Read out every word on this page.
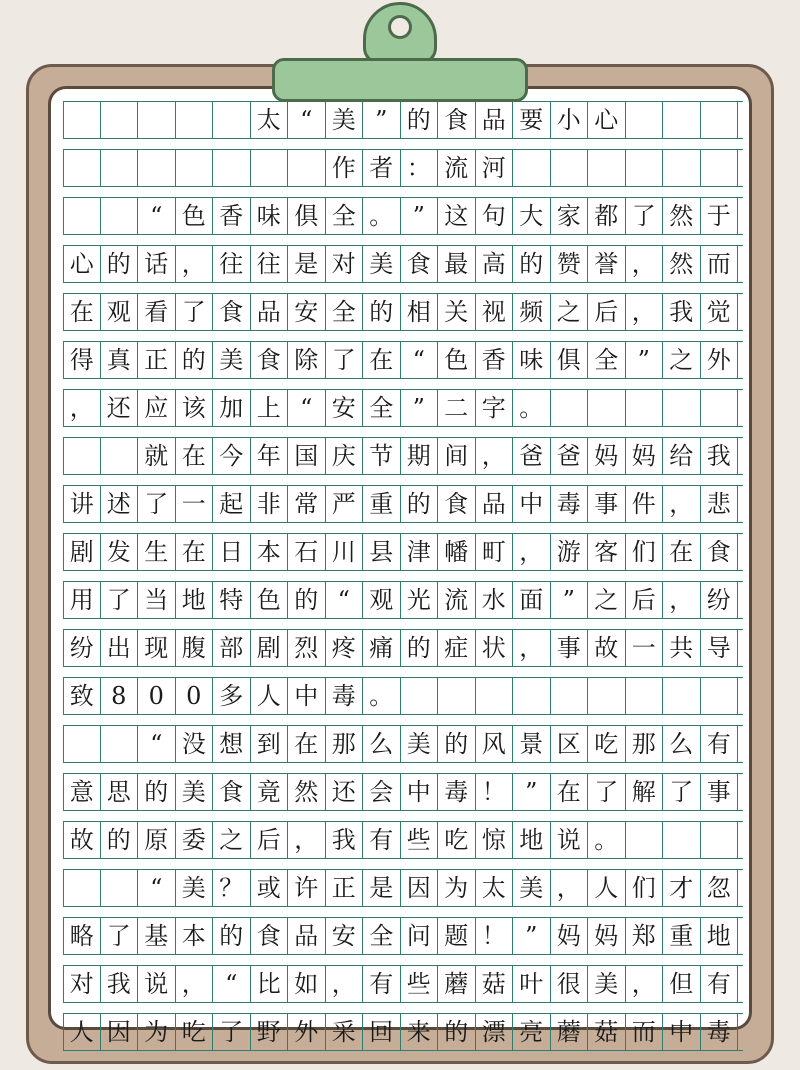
太 “ 美 ” 的 食 品 要 小 心
作 者 ： 流 河
“ 色 香 味 俱 全 。 ” 这 句 大 家 都 了 然 于
心 的 话 ， 往 往 是 对 美 食 最 高 的 赞 誉 ， 然 而
在 观 看 了 食 品 安 全 的 相 关 视 频 之 后 ， 我 觉
得 真 正 的 美 食 除 了 在 “ 色 香 味 俱 全 ” 之 外
， 还 应 该 加 上 “ 安 全 ” 二 字 。
就 在 今 年 国 庆 节 期 间 ， 爸 爸 妈 妈 给 我
讲 述 了 一 起 非 常 严 重 的 食 品 中 毒 事 件 ， 悲
剧 发 生 在 日 本 石 川 县 津 幡 町 ， 游 客 们 在 食
用 了 当 地 特 色 的 “ 观 光 流 水 面 ” 之 后 ， 纷
纷 出 现 腹 部 剧 烈 疼 痛 的 症 状 ， 事 故 一 共 导
致 8 0 0 多 人 中 毒 。
“ 没 想 到 在 那 么 美 的 风 景 区 吃 那 么 有
意 思 的 美 食 竟 然 还 会 中 毒 ！ ” 在 了 解 了 事
故 的 原 委 之 后 ， 我 有 些 吃 惊 地 说 。
“ 美 ？ 或 许 正 是 因 为 太 美 ， 人 们 才 忽
略 了 基 本 的 食 品 安 全 问 题 ！ ” 妈 妈 郑 重 地
对 我 说 ， “ 比 如 ， 有 些 蘑 菇 叶 很 美 ， 但 有
人 因 为 吃 了 野 外 采 回 来 的 漂 亮 蘑 菇 而 中 毒
